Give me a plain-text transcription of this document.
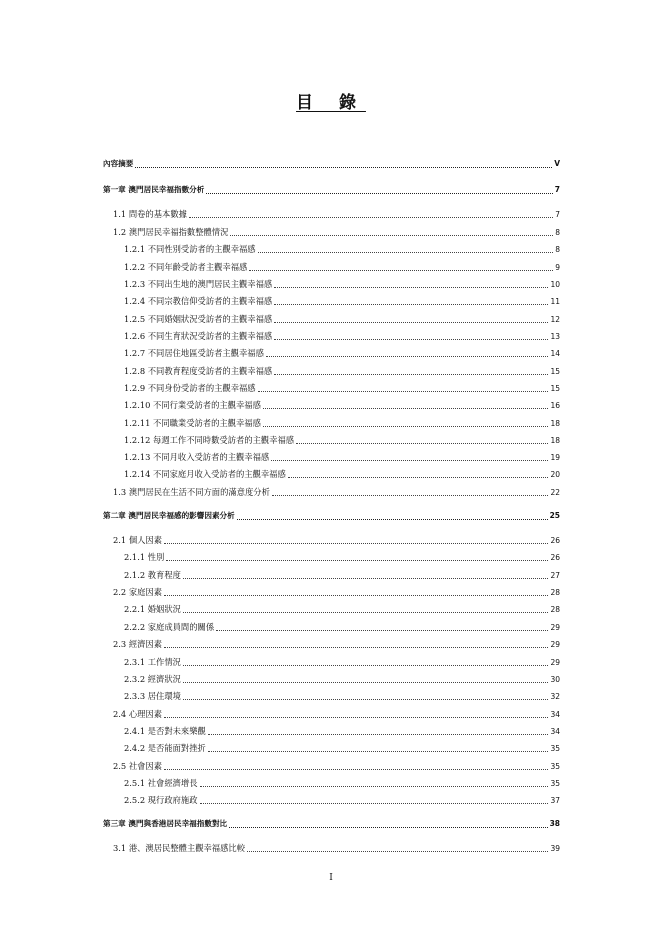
目 錄
內容摘要	V
第一章 澳門居民幸福指數分析	7
1.1 問卷的基本數據	7
1.2 澳門居民幸福指數整體情況	8
1.2.1 不同性別受訪者的主觀幸福感	8
1.2.2 不同年齡受訪者主觀幸福感	9
1.2.3 不同出生地的澳門居民主觀幸福感	10
1.2.4 不同宗教信仰受訪者的主觀幸福感	11
1.2.5 不同婚姻狀況受訪者的主觀幸福感	12
1.2.6 不同生育狀況受訪者的主觀幸福感	13
1.2.7 不同居住地區受訪者主觀幸福感	14
1.2.8 不同教育程度受訪者的主觀幸福感	15
1.2.9 不同身份受訪者的主觀幸福感	15
1.2.10 不同行業受訪者的主觀幸福感	16
1.2.11 不同職業受訪者的主觀幸福感	18
1.2.12 每週工作不同時數受訪者的主觀幸福感	18
1.2.13 不同月收入受訪者的主觀幸福感	19
1.2.14 不同家庭月收入受訪者的主觀幸福感	20
1.3 澳門居民在生活不同方面的滿意度分析	22
第二章 澳門居民幸福感的影響因素分析	25
2.1 個人因素	26
2.1.1 性別	26
2.1.2 教育程度	27
2.2 家庭因素	28
2.2.1 婚姻狀況	28
2.2.2 家庭成員間的關係	29
2.3 經濟因素	29
2.3.1 工作情況	29
2.3.2 經濟狀況	30
2.3.3 居住環境	32
2.4 心理因素	34
2.4.1 是否對未來樂觀	34
2.4.2 是否能面對挫折	35
2.5 社會因素	35
2.5.1 社會經濟增長	35
2.5.2 現行政府施政	37
第三章 澳門與香港居民幸福指數對比	38
3.1 港、澳居民整體主觀幸福感比較	39
I
